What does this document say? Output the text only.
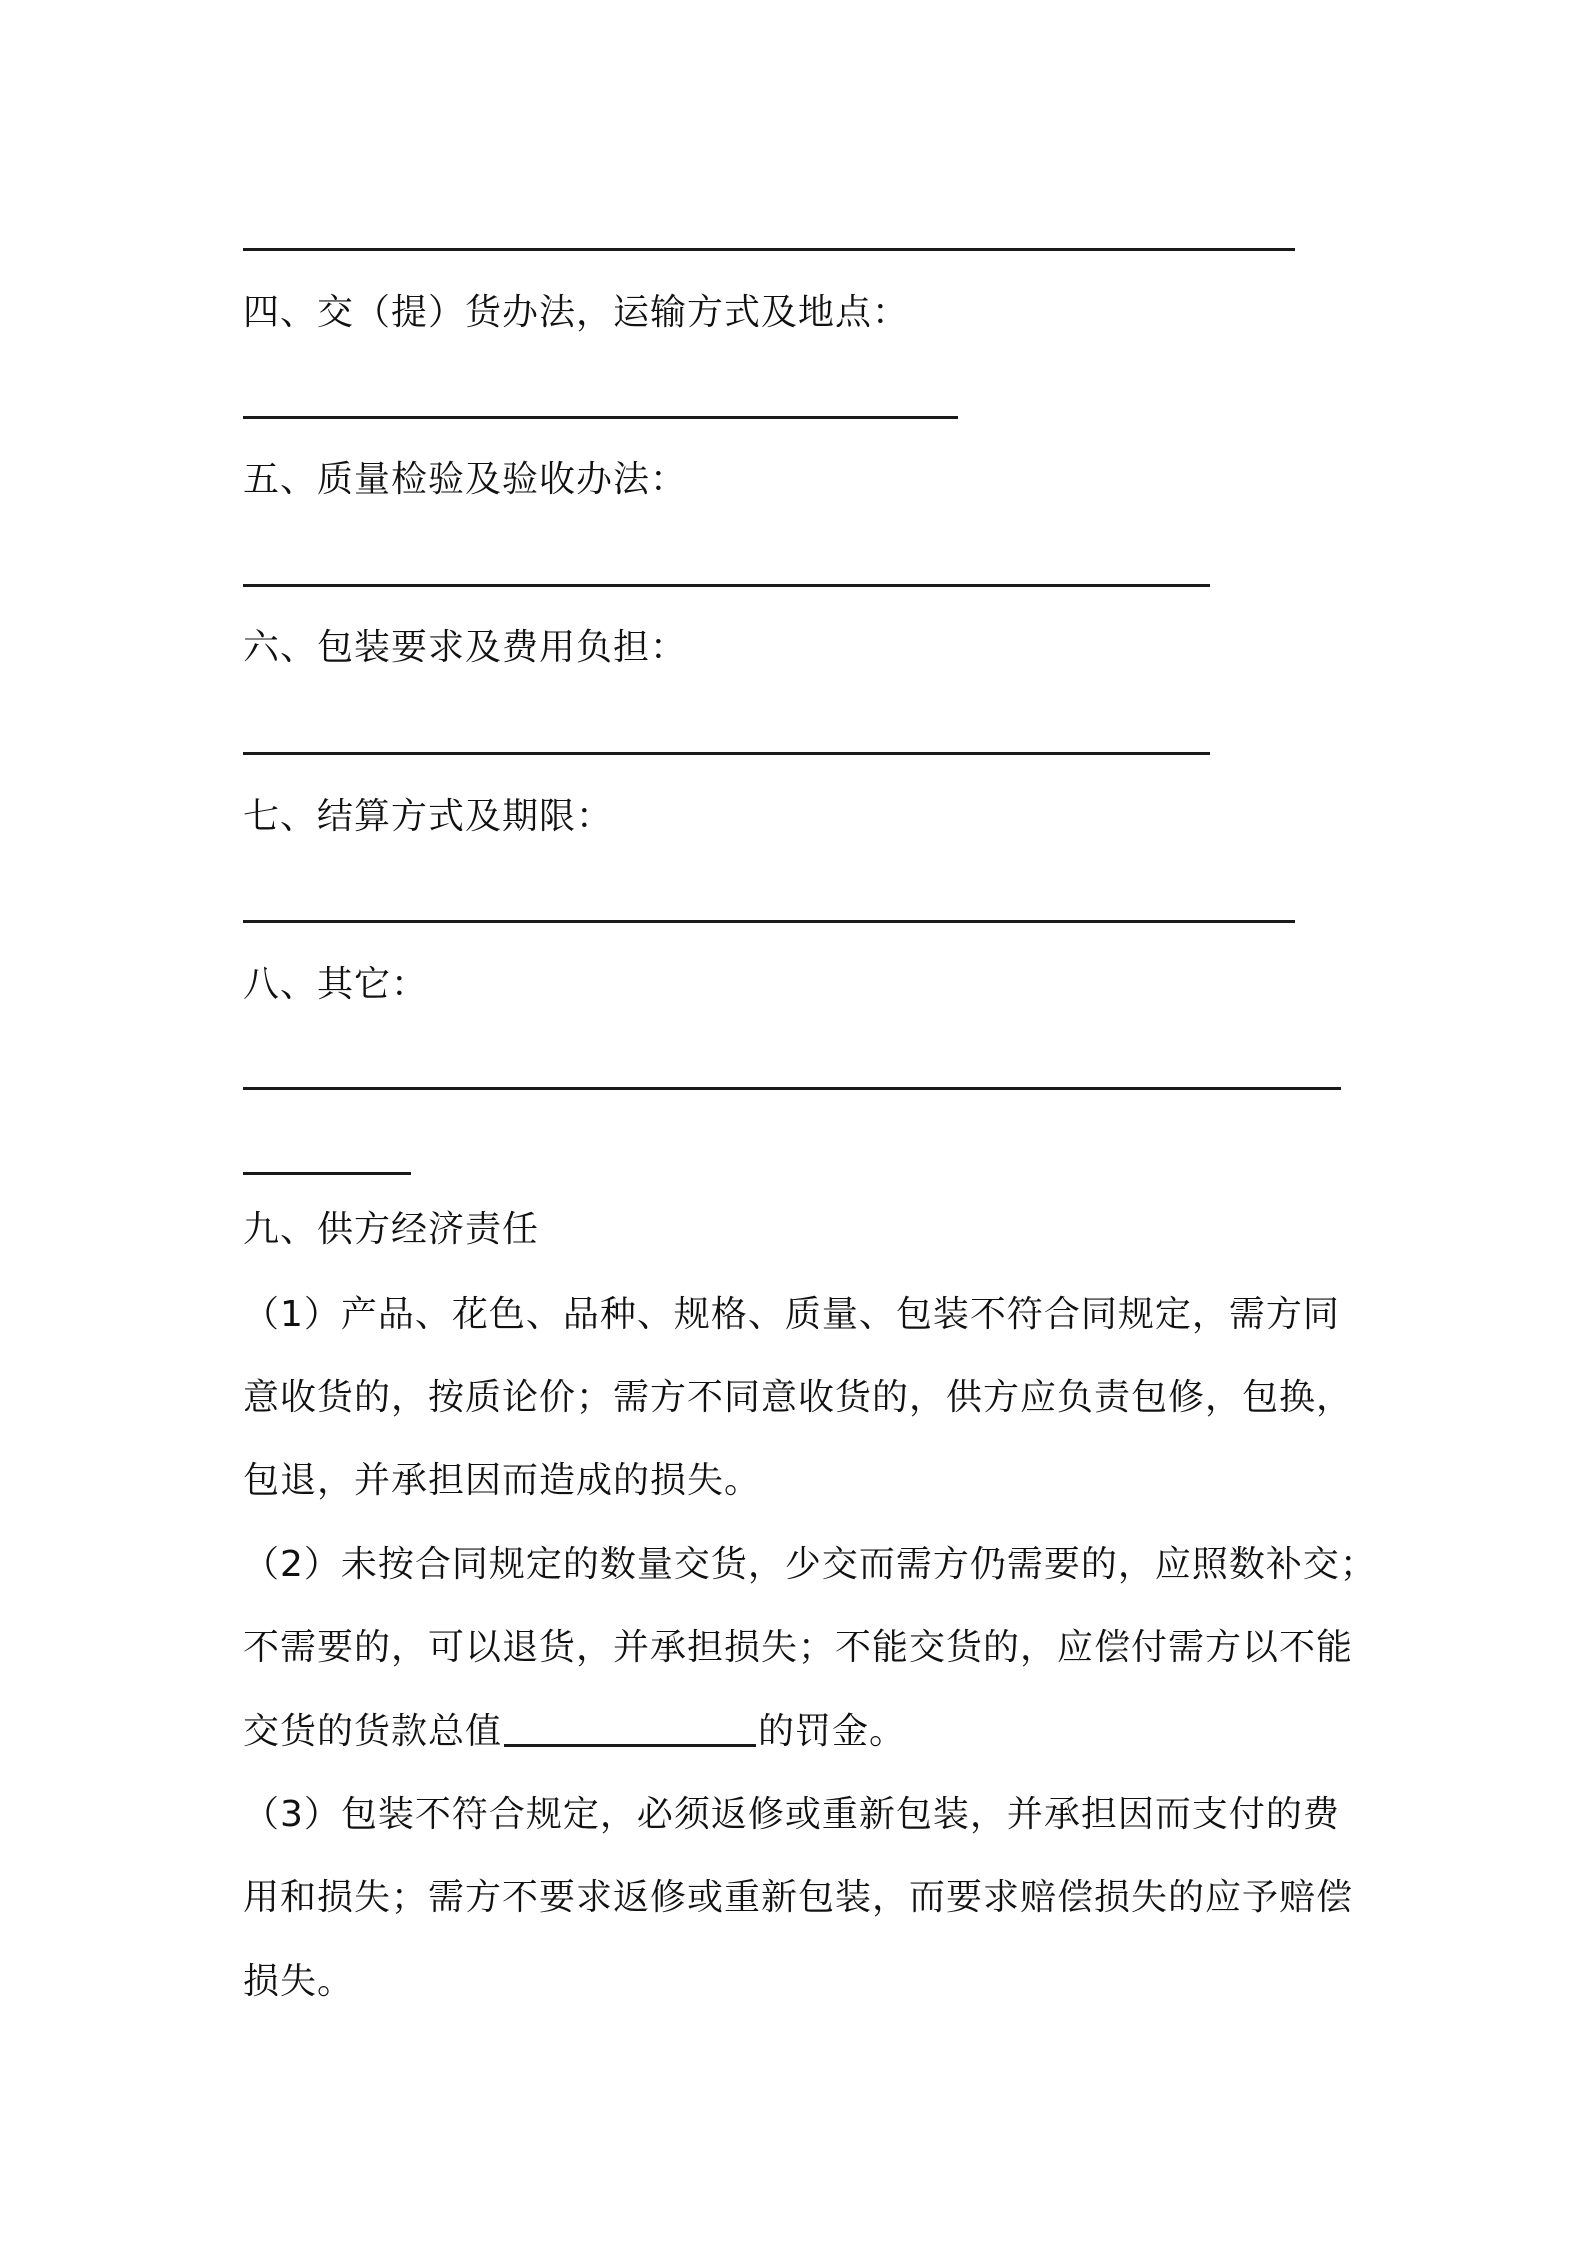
四、交（提）货办法，运输方式及地点：
五、质量检验及验收办法：
六、包装要求及费用负担：
七、结算方式及期限：
八、其它：
九、供方经济责任
（1）产品、花色、品种、规格、质量、包装不符合同规定，需方同
意收货的，按质论价；需方不同意收货的，供方应负责包修，包换，
包退，并承担因而造成的损失。
（2）未按合同规定的数量交货，少交而需方仍需要的，应照数补交；
不需要的，可以退货，并承担损失；不能交货的，应偿付需方以不能
交货的货款总值	的罚金。
（3）包装不符合规定，必须返修或重新包装，并承担因而支付的费
用和损失；需方不要求返修或重新包装，而要求赔偿损失的应予赔偿
损失。
